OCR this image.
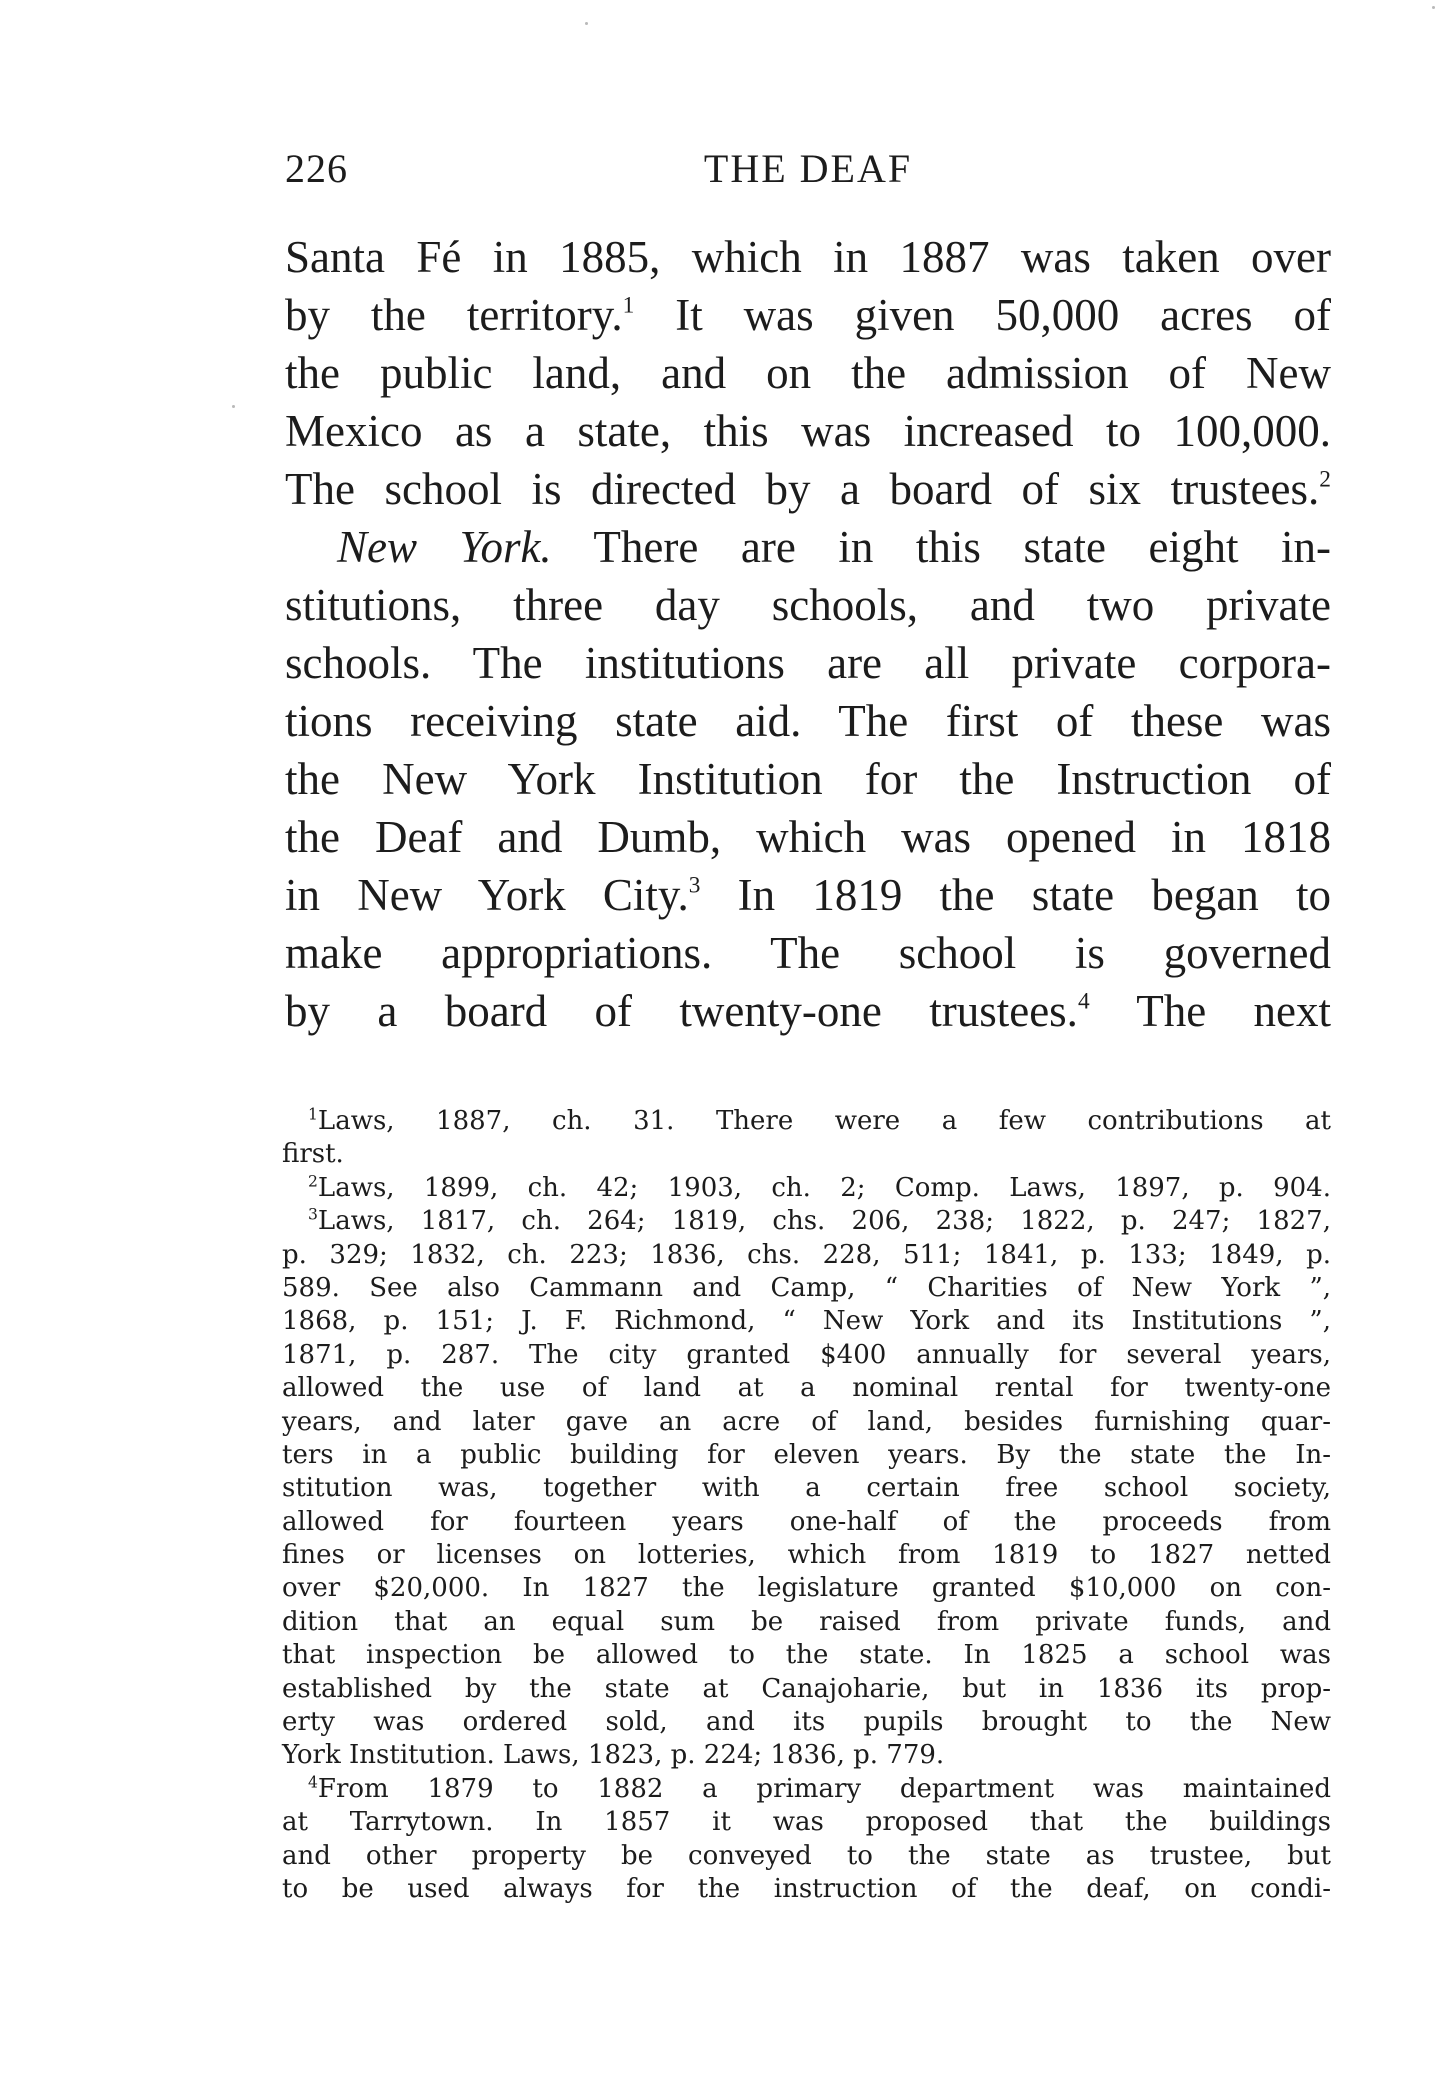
226	THE DEAF
Santa Fé in 1885, which in 1887 was taken over
by the territory.$^1$ It was given 50,000 acres of
the public land, and on the admission of New
Mexico as a state, this was increased to 100,000.
The school is directed by a board of six trustees.$^2$
New York. There are in this state eight in-
stitutions, three day schools, and two private
schools. The institutions are all private corpora-
tions receiving state aid. The first of these was
the New York Institution for the Instruction of
the Deaf and Dumb, which was opened in 1818
in New York City.$^3$ In 1819 the state began to
make appropriations. The school is governed
by a board of twenty-one trustees.$^4$ The next
$^1$Laws, 1887, ch. 31. There were a few contributions at
first.
$^2$Laws, 1899, ch. 42; 1903, ch. 2; Comp. Laws, 1897, p. 904.
$^3$Laws, 1817, ch. 264; 1819, chs. 206, 238; 1822, p. 247; 1827,
p. 329; 1832, ch. 223; 1836, chs. 228, 511; 1841, p. 133; 1849, p.
589. See also Cammann and Camp, “ Charities of New York ”,
1868, p. 151; J. F. Richmond, “ New York and its Institutions ”,
1871, p. 287. The city granted $400 annually for several years,
allowed the use of land at a nominal rental for twenty-one
years, and later gave an acre of land, besides furnishing quar-
ters in a public building for eleven years. By the state the In-
stitution was, together with a certain free school society,
allowed for fourteen years one-half of the proceeds from
fines or licenses on lotteries, which from 1819 to 1827 netted
over $20,000. In 1827 the legislature granted $10,000 on con-
dition that an equal sum be raised from private funds, and
that inspection be allowed to the state. In 1825 a school was
established by the state at Canajoharie, but in 1836 its prop-
erty was ordered sold, and its pupils brought to the New
York Institution. Laws, 1823, p. 224; 1836, p. 779.
$^4$From 1879 to 1882 a primary department was maintained
at Tarrytown. In 1857 it was proposed that the buildings
and other property be conveyed to the state as trustee, but
to be used always for the instruction of the deaf, on condi-
